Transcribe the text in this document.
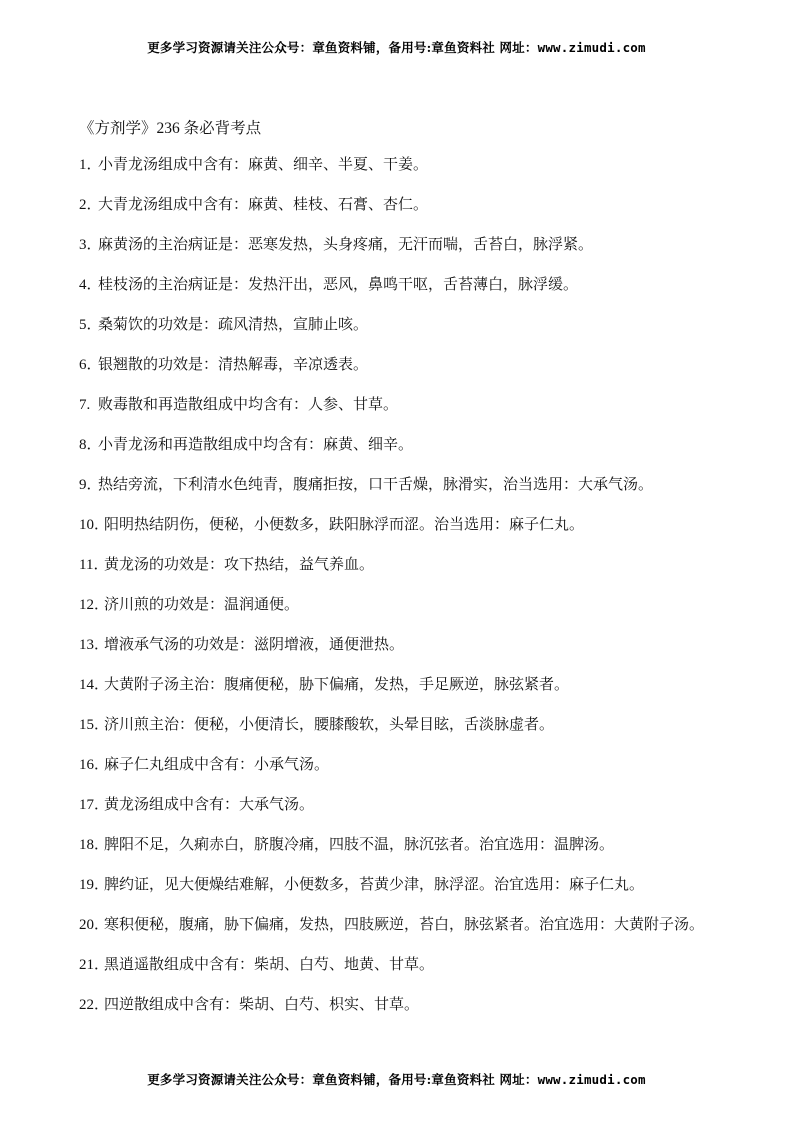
更多学习资源请关注公众号：章鱼资料铺，备用号:章鱼资料社 网址：www.zimudi.com
《方剂学》236 条必背考点
1．小青龙汤组成中含有：麻黄、细辛、半夏、干姜。
2．大青龙汤组成中含有：麻黄、桂枝、石膏、杏仁。
3．麻黄汤的主治病证是：恶寒发热，头身疼痛，无汗而喘，舌苔白，脉浮紧。
4．桂枝汤的主治病证是：发热汗出，恶风，鼻鸣干呕，舌苔薄白，脉浮缓。
5．桑菊饮的功效是：疏风清热，宣肺止咳。
6．银翘散的功效是：清热解毒，辛凉透表。
7. 败毒散和再造散组成中均含有：人参、甘草。
8．小青龙汤和再造散组成中均含有：麻黄、细辛。
9．热结旁流，下利清水色纯青，腹痛拒按，口干舌燥，脉滑实，治当选用：大承气汤。
10．阳明热结阴伤，便秘，小便数多，趺阳脉浮而涩。治当选用：麻子仁丸。
11．黄龙汤的功效是：攻下热结，益气养血。
12．济川煎的功效是：温润通便。
13．增液承气汤的功效是：滋阴增液，通便泄热。
14．大黄附子汤主治：腹痛便秘，胁下偏痛，发热，手足厥逆，脉弦紧者。
15．济川煎主治：便秘，小便清长，腰膝酸软，头晕目眩，舌淡脉虚者。
16．麻子仁丸组成中含有：小承气汤。
17．黄龙汤组成中含有：大承气汤。
18．脾阳不足，久痢赤白，脐腹冷痛，四肢不温，脉沉弦者。治宜选用：温脾汤。
19．脾约证，见大便燥结难解，小便数多，苔黄少津，脉浮涩。治宜选用：麻子仁丸。
20．寒积便秘，腹痛，胁下偏痛，发热，四肢厥逆，苔白，脉弦紧者。治宜选用：大黄附子汤。
21．黑逍遥散组成中含有：柴胡、白芍、地黄、甘草。
22．四逆散组成中含有：柴胡、白芍、枳实、甘草。
更多学习资源请关注公众号：章鱼资料铺，备用号:章鱼资料社 网址：www.zimudi.com
